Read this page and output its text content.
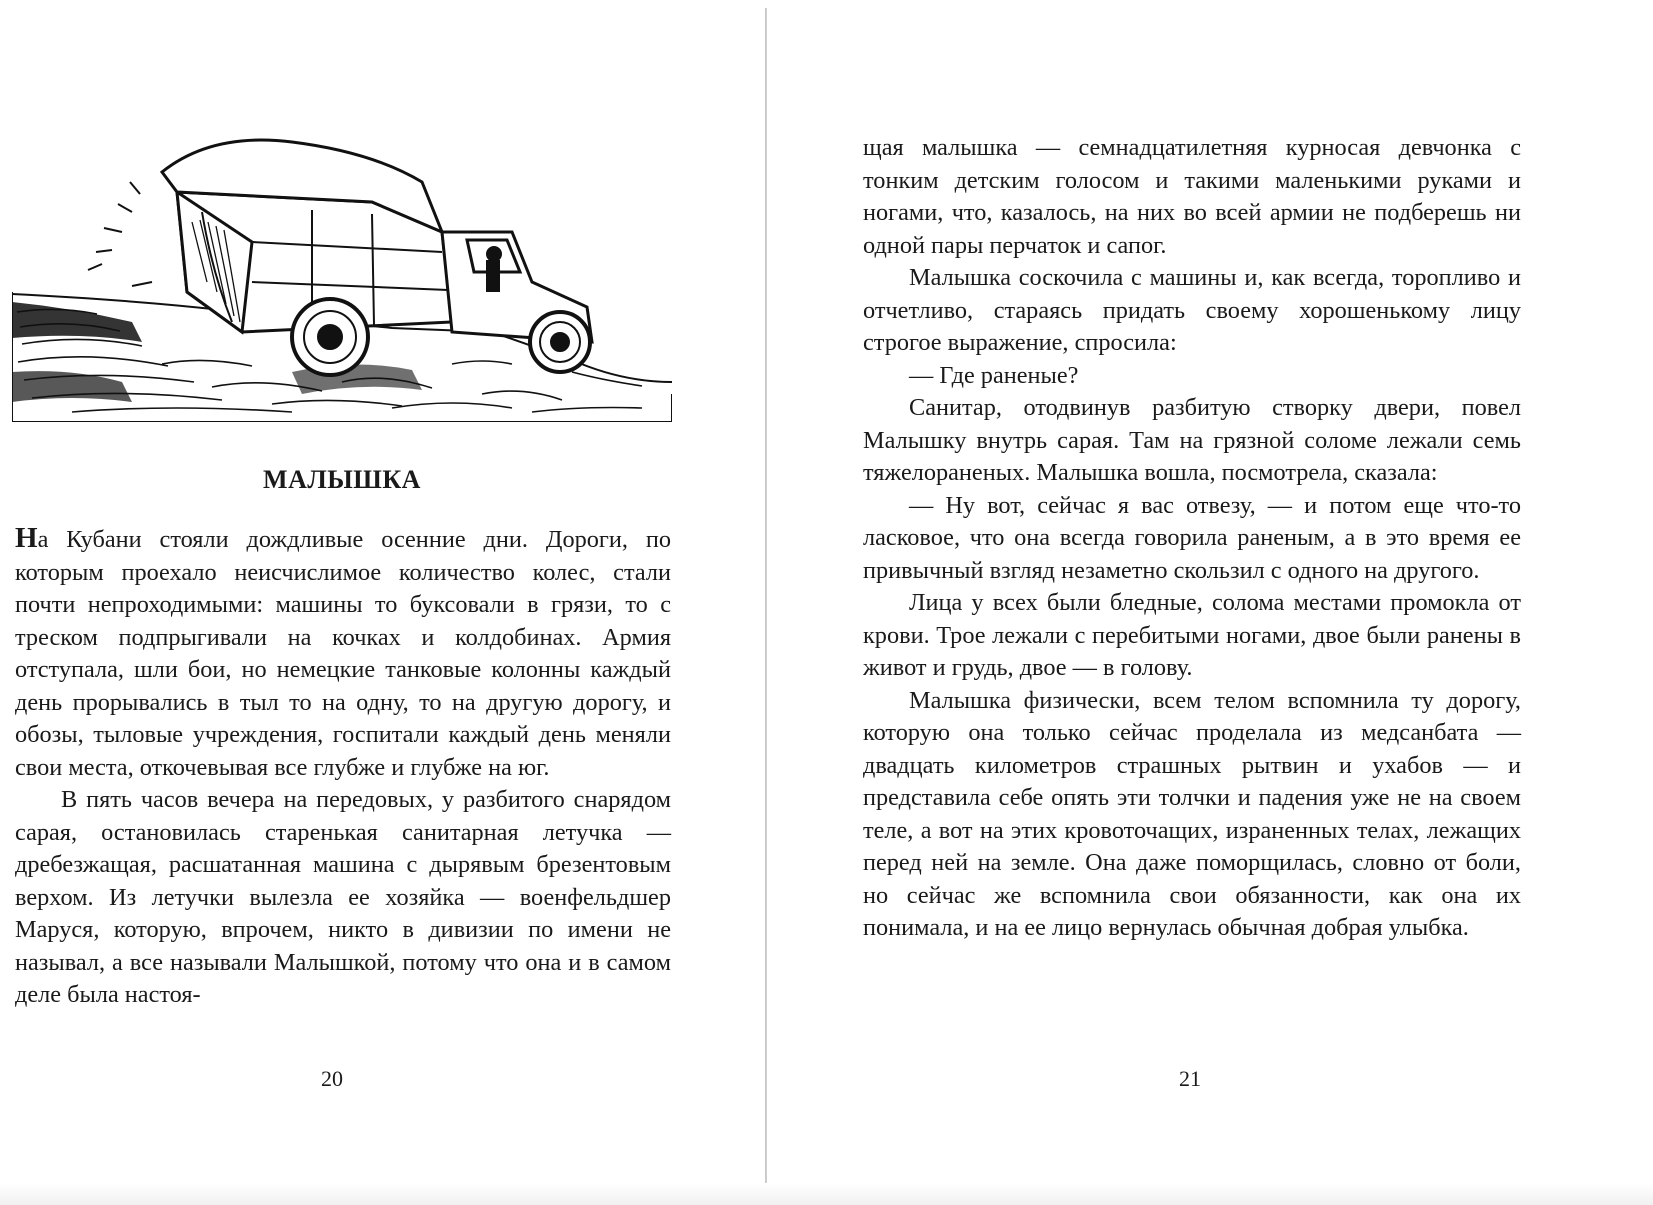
МАЛЫШКА

На Кубани стояли дождливые осенние дни. Дороги, по которым проехало неисчислимое количество колес, стали почти непроходимыми: машины то буксовали в грязи, то с треском подпрыгивали на кочках и колдобинах. Армия отступала, шли бои, но немецкие танковые колонны каждый день прорывались в тыл то на одну, то на другую дорогу, и обозы, тыловые учреждения, госпитали каждый день меняли свои места, откочевывая все глубже и глубже на юг.

В пять часов вечера на передовых, у разбитого снарядом сарая, остановилась старенькая санитарная летучка — дребезжащая, расшатанная машина с дырявым брезентовым верхом. Из летучки вылезла ее хозяйка — военфельдшер Маруся, которую, впрочем, никто в дивизии по имени не называл, а все называли Малышкой, потому что она и в самом деле была настоя-

20

щая малышка — семнадцатилетняя курносая девчонка с тонким детским голосом и такими маленькими руками и ногами, что, казалось, на них во всей армии не подберешь ни одной пары перчаток и сапог.

Малышка соскочила с машины и, как всегда, торопливо и отчетливо, стараясь придать своему хорошенькому лицу строгое выражение, спросила:

— Где раненые?

Санитар, отодвинув разбитую створку двери, повел Малышку внутрь сарая. Там на грязной соломе лежали семь тяжелораненых. Малышка вошла, посмотрела, сказала:

— Ну вот, сейчас я вас отвезу, — и потом еще что-то ласковое, что она всегда говорила раненым, а в это время ее привычный взгляд незаметно скользил с одного на другого.

Лица у всех были бледные, солома местами промокла от крови. Трое лежали с перебитыми ногами, двое были ранены в живот и грудь, двое — в голову.

Малышка физически, всем телом вспомнила ту дорогу, которую она только сейчас проделала из медсанбата — двадцать километров страшных рытвин и ухабов — и представила себе опять эти толчки и падения уже не на своем теле, а вот на этих кровоточащих, израненных телах, лежащих перед ней на земле. Она даже поморщилась, словно от боли, но сейчас же вспомнила свои обязанности, как она их понимала, и на ее лицо вернулась обычная добрая улыбка.

21
